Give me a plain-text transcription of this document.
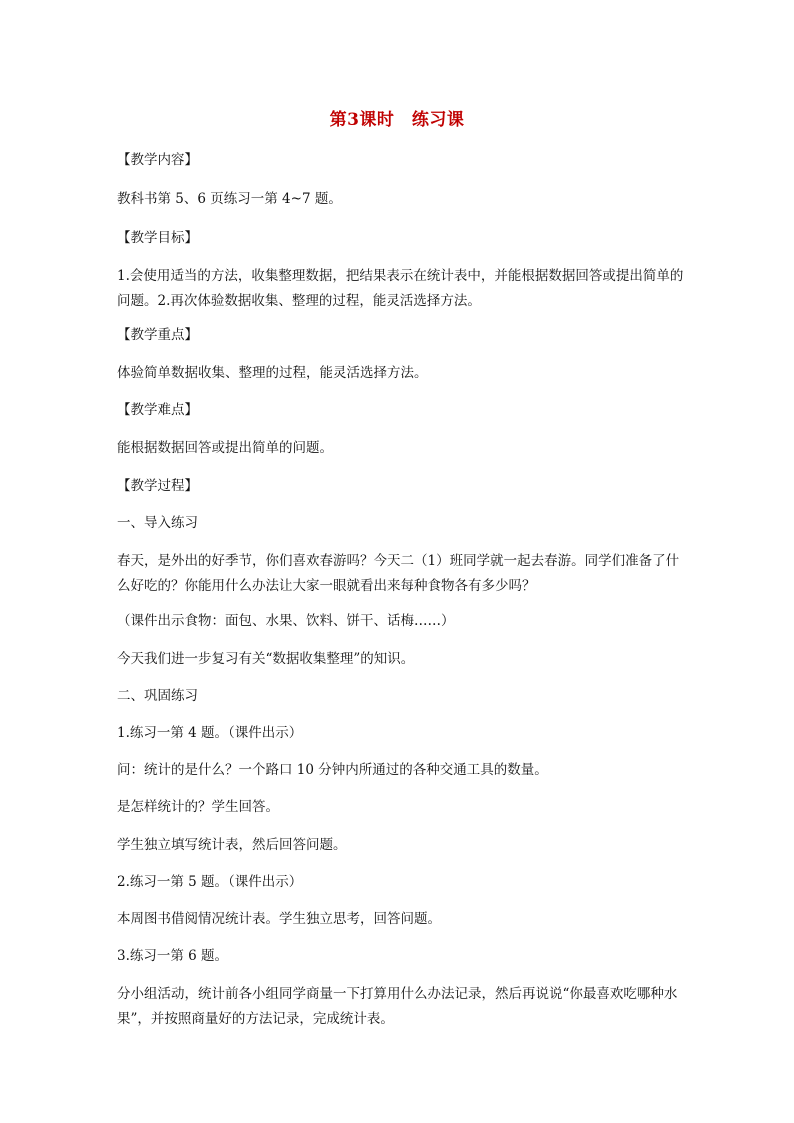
第3课时　练习课
【教学内容】
教科书第 5、6 页练习一第 4~7 题。
【教学目标】
1.会使用适当的方法，收集整理数据，把结果表示在统计表中，并能根据数据回答或提出简单的问题。2.再次体验数据收集、整理的过程，能灵活选择方法。
【教学重点】
体验简单数据收集、整理的过程，能灵活选择方法。
【教学难点】
能根据数据回答或提出简单的问题。
【教学过程】
一、导入练习
春天，是外出的好季节，你们喜欢春游吗？今天二（1）班同学就一起去春游。同学们准备了什么好吃的？你能用什么办法让大家一眼就看出来每种食物各有多少吗？
（课件出示食物：面包、水果、饮料、饼干、话梅……）
今天我们进一步复习有关“数据收集整理”的知识。
二、巩固练习
1.练习一第 4 题。（课件出示）
问：统计的是什么？一个路口 10 分钟内所通过的各种交通工具的数量。
是怎样统计的？学生回答。
学生独立填写统计表，然后回答问题。
2.练习一第 5 题。（课件出示）
本周图书借阅情况统计表。学生独立思考，回答问题。
3.练习一第 6 题。
分小组活动，统计前各小组同学商量一下打算用什么办法记录，然后再说说“你最喜欢吃哪种水果”，并按照商量好的方法记录，完成统计表。
